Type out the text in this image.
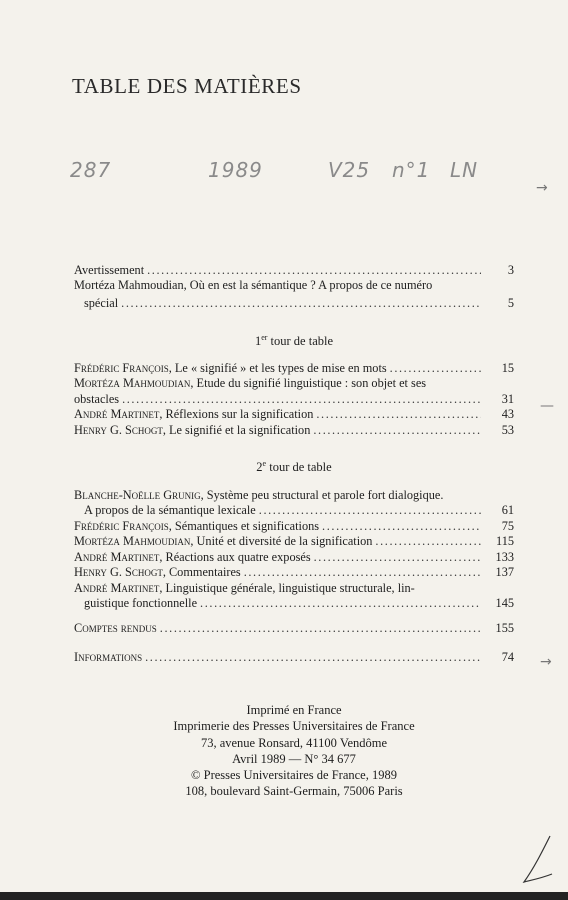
TABLE DES MATIÈRES
287	1989	V25 n°1 LN
Avertissement .....	3
Mortéza Mahmoudian, Où en est la sémantique ? A propos de ce numéro
spécial .....	5
1er tour de table
Frédéric François, Le « signifié » et les types de mise en mots .....	15
Mortéza Mahmoudian, Etude du signifié linguistique : son objet et ses
obstacles .....	31
André Martinet, Réflexions sur la signification .....	43
Henry G. Schogt, Le signifié et la signification .....	53
2e tour de table
Blanche-Noëlle Grunig, Système peu structural et parole fort dialogique.
A propos de la sémantique lexicale .....	61
Frédéric François, Sémantiques et significations .....	75
Mortéza Mahmoudian, Unité et diversité de la signification .....	115
André Martinet, Réactions aux quatre exposés .....	133
Henry G. Schogt, Commentaires .....	137
André Martinet, Linguistique générale, linguistique structurale, lin-
guistique fonctionnelle .....	145
Comptes rendus .....	155
Informations .....	74
Imprimé en France
Imprimerie des Presses Universitaires de France
73, avenue Ronsard, 41100 Vendôme
Avril 1989 — N° 34 677
© Presses Universitaires de France, 1989
108, boulevard Saint-Germain, 75006 Paris
→
—
→
